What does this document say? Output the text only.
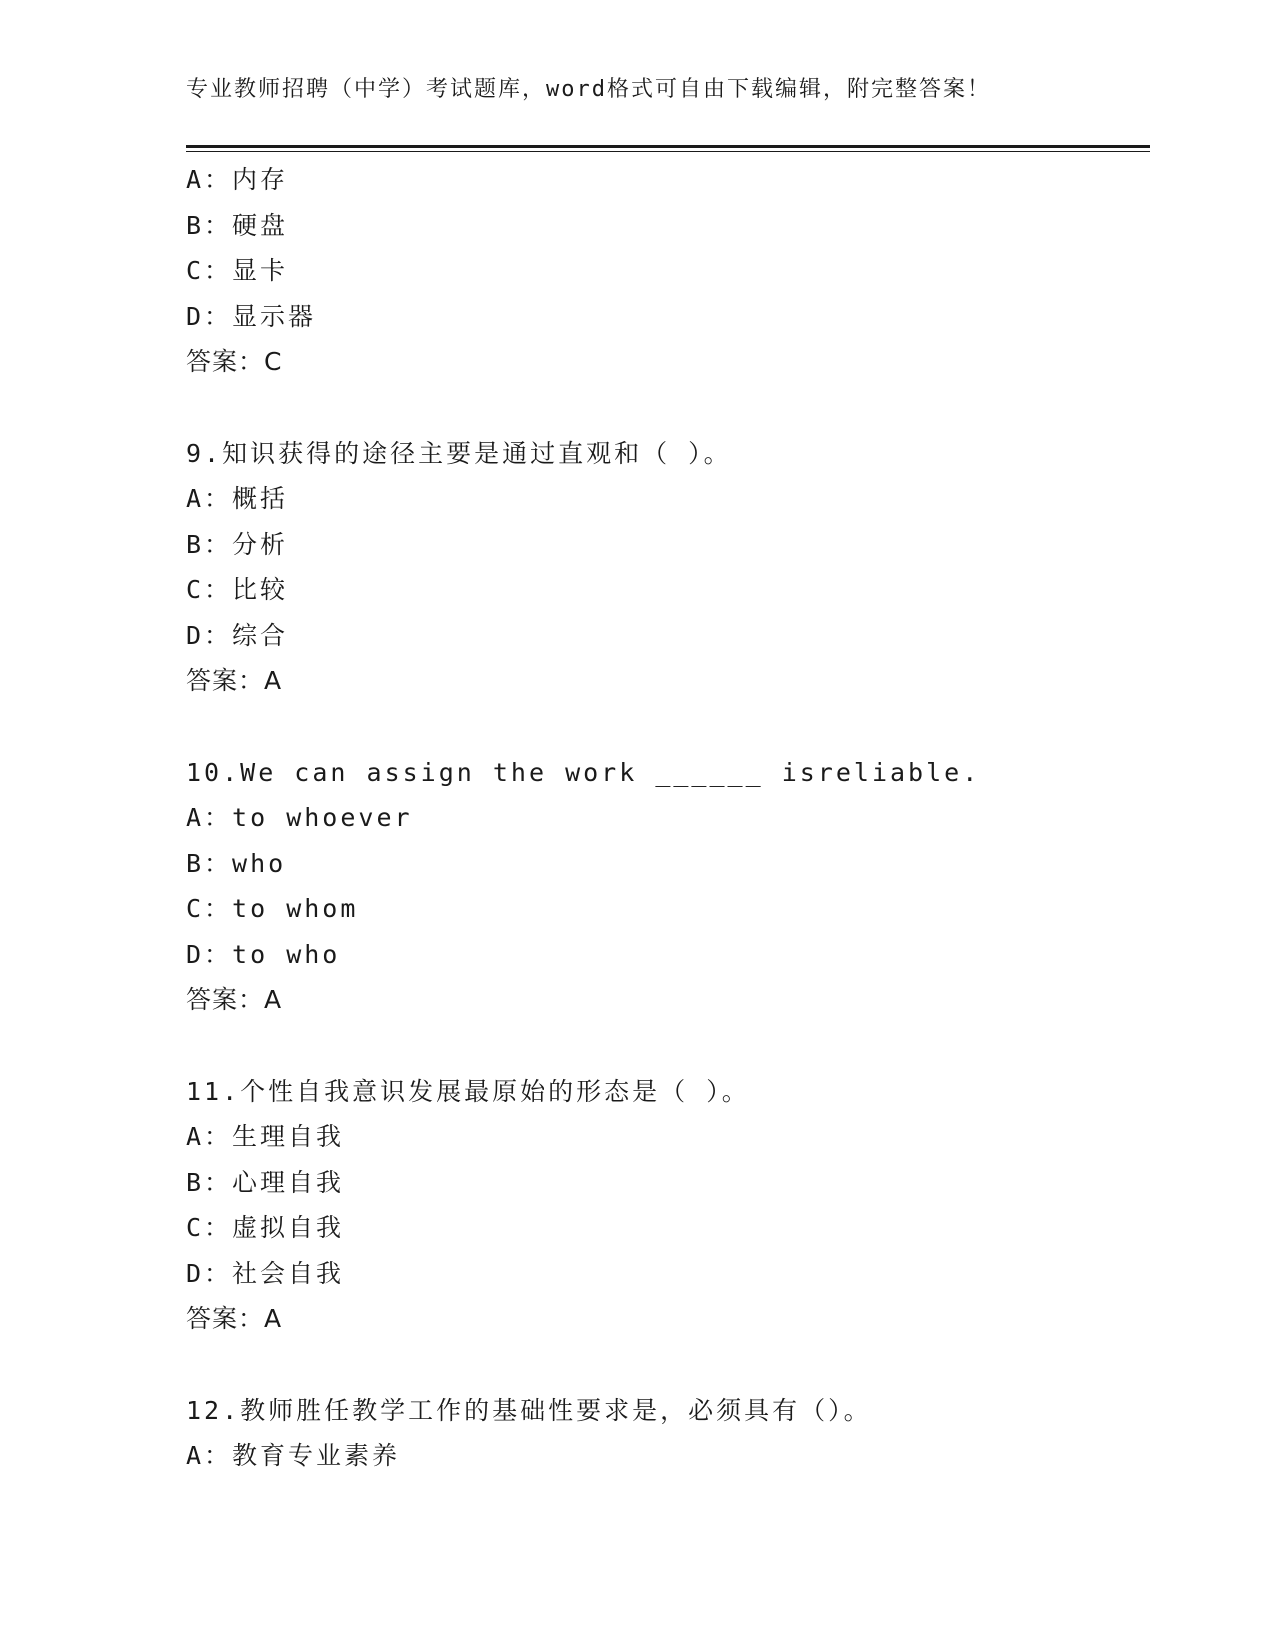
专业教师招聘（中学）考试题库，word格式可自由下载编辑，附完整答案！
A：内存
B：硬盘
C：显卡
D：显示器
答案：C
9.知识获得的途径主要是通过直观和（ ）。
A：概括
B：分析
C：比较
D：综合
答案：A
10.We can assign the work ______ isreliable.
A：to whoever
B：who
C：to whom
D：to who
答案：A
11.个性自我意识发展最原始的形态是（ ）。
A：生理自我
B：心理自我
C：虚拟自我
D：社会自我
答案：A
12.教师胜任教学工作的基础性要求是，必须具有（）。
A：教育专业素养
